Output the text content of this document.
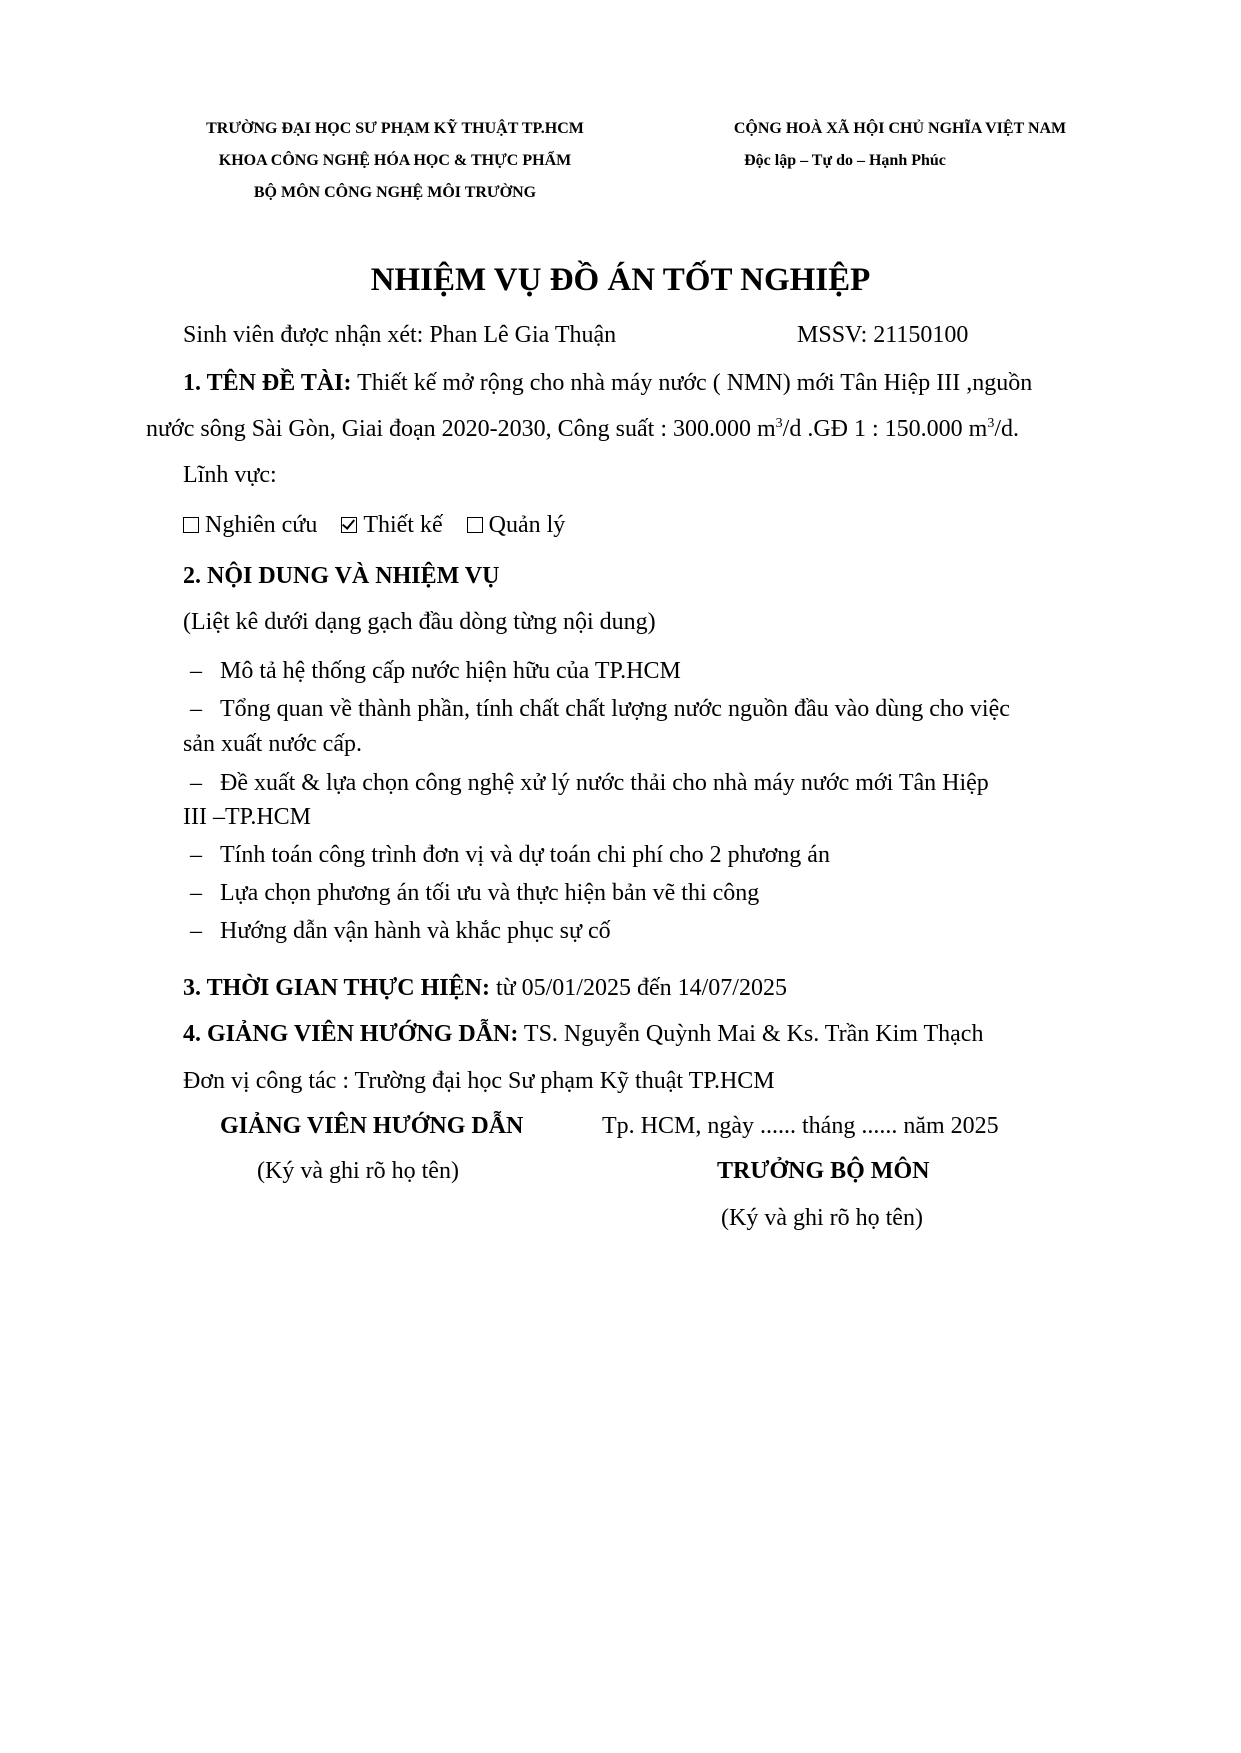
TRƯỜNG ĐẠI HỌC SƯ PHẠM KỸ THUẬT TP.HCM
KHOA CÔNG NGHỆ HÓA HỌC & THỰC PHẨM
BỘ MÔN CÔNG NGHỆ MÔI TRƯỜNG
CỘNG HOÀ XÃ HỘI CHỦ NGHĨA VIỆT NAM
Độc lập – Tự do – Hạnh Phúc
NHIỆM VỤ ĐỒ ÁN TỐT NGHIỆP
Sinh viên được nhận xét: Phan Lê Gia Thuận	MSSV: 21150100
1. TÊN ĐỀ TÀI: Thiết kế mở rộng cho nhà máy nước ( NMN) mới Tân Hiệp III ,nguồn
nước sông Sài Gòn, Giai đoạn 2020-2030, Công suất : 300.000 $m^3/d$ .GĐ 1 : 150.000 $m^3/d$.
Lĩnh vực:
Nghiên cứu Thiết kế Quản lý
2. NỘI DUNG VÀ NHIỆM VỤ
(Liệt kê dưới dạng gạch đầu dòng từng nội dung)
– Mô tả hệ thống cấp nước hiện hữu của TP.HCM
– Tổng quan về thành phần, tính chất chất lượng nước nguồn đầu vào dùng cho việc
sản xuất nước cấp.
– Đề xuất & lựa chọn công nghệ xử lý nước thải cho nhà máy nước mới Tân Hiệp
III –TP.HCM
– Tính toán công trình đơn vị và dự toán chi phí cho 2 phương án
– Lựa chọn phương án tối ưu và thực hiện bản vẽ thi công
– Hướng dẫn vận hành và khắc phục sự cố
3. THỜI GIAN THỰC HIỆN: từ 05/01/2025 đến 14/07/2025
4. GIẢNG VIÊN HƯỚNG DẪN: TS. Nguyễn Quỳnh Mai & Ks. Trần Kim Thạch
Đơn vị công tác : Trường đại học Sư phạm Kỹ thuật TP.HCM
GIẢNG VIÊN HƯỚNG DẪN	Tp. HCM, ngày ...... tháng ...... năm 2025
(Ký và ghi rõ họ tên)	TRƯỞNG BỘ MÔN
(Ký và ghi rõ họ tên)
